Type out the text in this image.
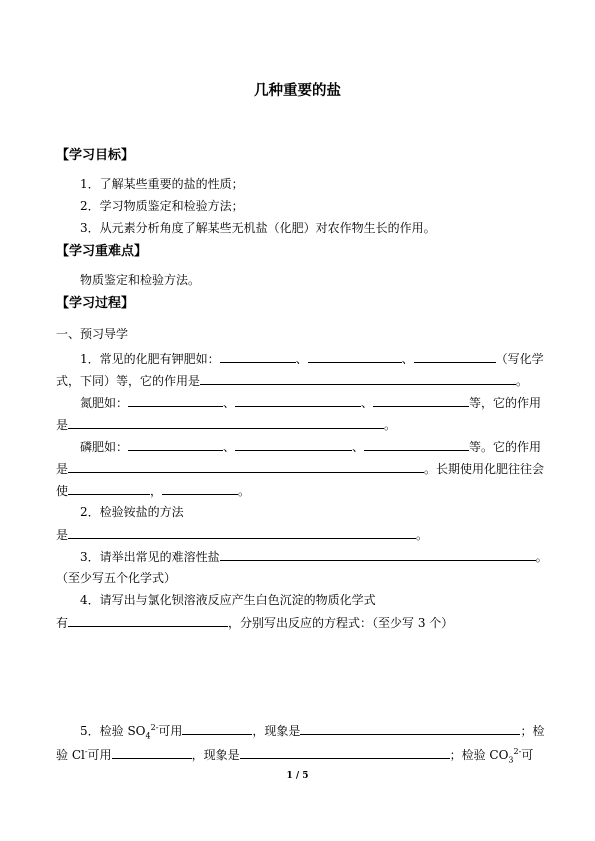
几种重要的盐
【学习目标】
1．了解某些重要的盐的性质；
2．学习物质鉴定和检验方法；
3．从元素分析角度了解某些无机盐（化肥）对农作物生长的作用。
【学习重难点】
物质鉴定和检验方法。
【学习过程】
一、预习导学
1．常见的化肥有钾肥如：	、	、	（写化学
式，下同）等，它的作用是	。
氮肥如：	、	、	等，它的作用
是	。
磷肥如：	、	、	等。它的作用
是	。长期使用化肥往往会
使	，	。
2．检验铵盐的方法
是	。
3．请举出常见的难溶性盐	。
（至少写五个化学式）
4．请写出与氯化钡溶液反应产生白色沉淀的物质化学式
有	，分别写出反应的方程式：（至少写 3 个）
5．检验 $SO_4^{2-}$可用	，现象是	；检
验 Cl-可用	，现象是	；检验 $CO_3^{2-}$可
1 / 5
